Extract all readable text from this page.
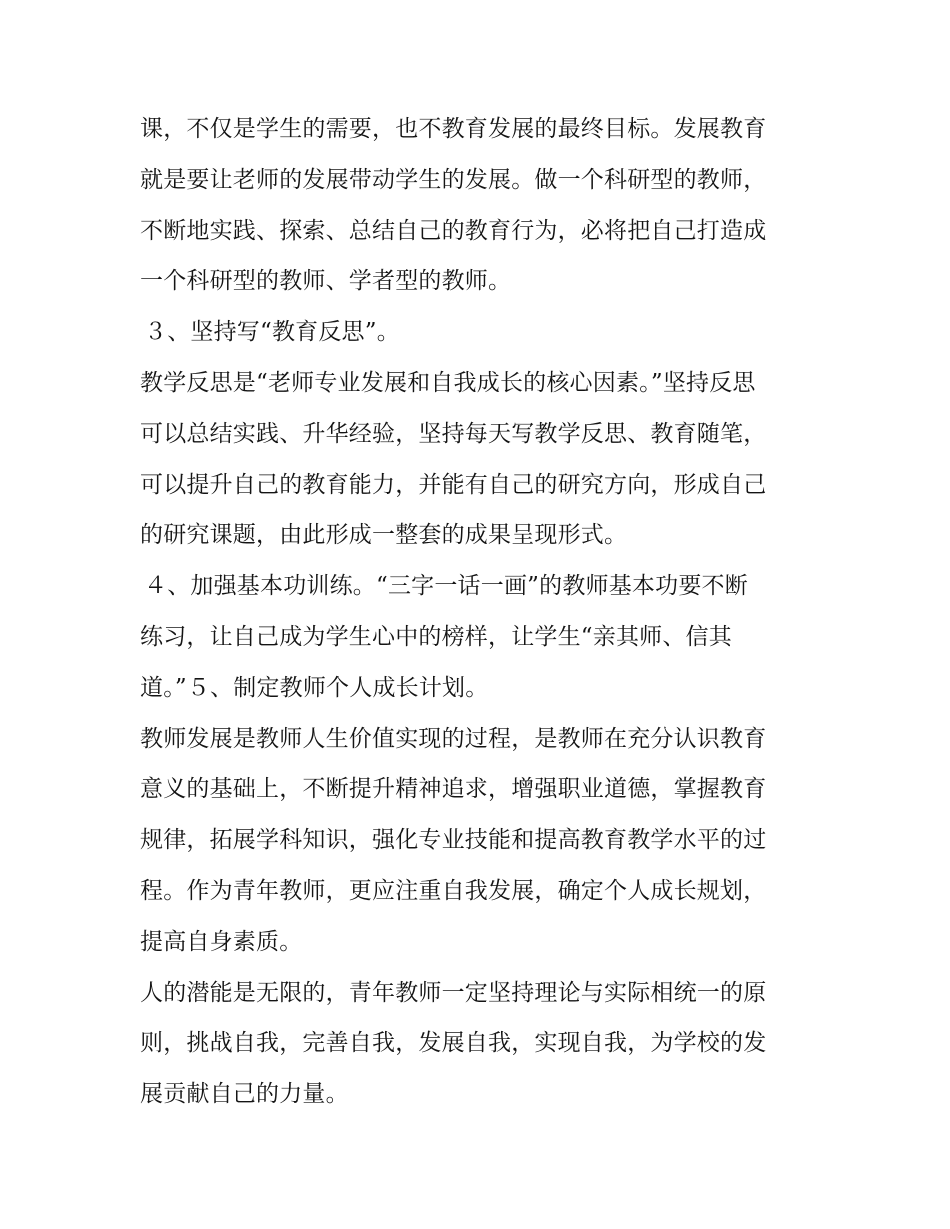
课，不仅是学生的需要，也不教育发展的最终目标。发展教育
就是要让老师的发展带动学生的发展。做一个科研型的教师，
不断地实践、探索、总结自己的教育行为，必将把自己打造成
一个科研型的教师、学者型的教师。
３、坚持写“教育反思”。
教学反思是“老师专业发展和自我成长的核心因素。”坚持反思
可以总结实践、升华经验，坚持每天写教学反思、教育随笔，
可以提升自己的教育能力，并能有自己的研究方向，形成自己
的研究课题，由此形成一整套的成果呈现形式。
４、加强基本功训练。“三字一话一画”的教师基本功要不断
练习，让自己成为学生心中的榜样，让学生“亲其师、信其
道。”５、制定教师个人成长计划。
教师发展是教师人生价值实现的过程，是教师在充分认识教育
意义的基础上，不断提升精神追求，增强职业道德，掌握教育
规律，拓展学科知识，强化专业技能和提高教育教学水平的过
程。作为青年教师，更应注重自我发展，确定个人成长规划，
提高自身素质。
人的潜能是无限的，青年教师一定坚持理论与实际相统一的原
则，挑战自我，完善自我，发展自我，实现自我，为学校的发
展贡献自己的力量。
